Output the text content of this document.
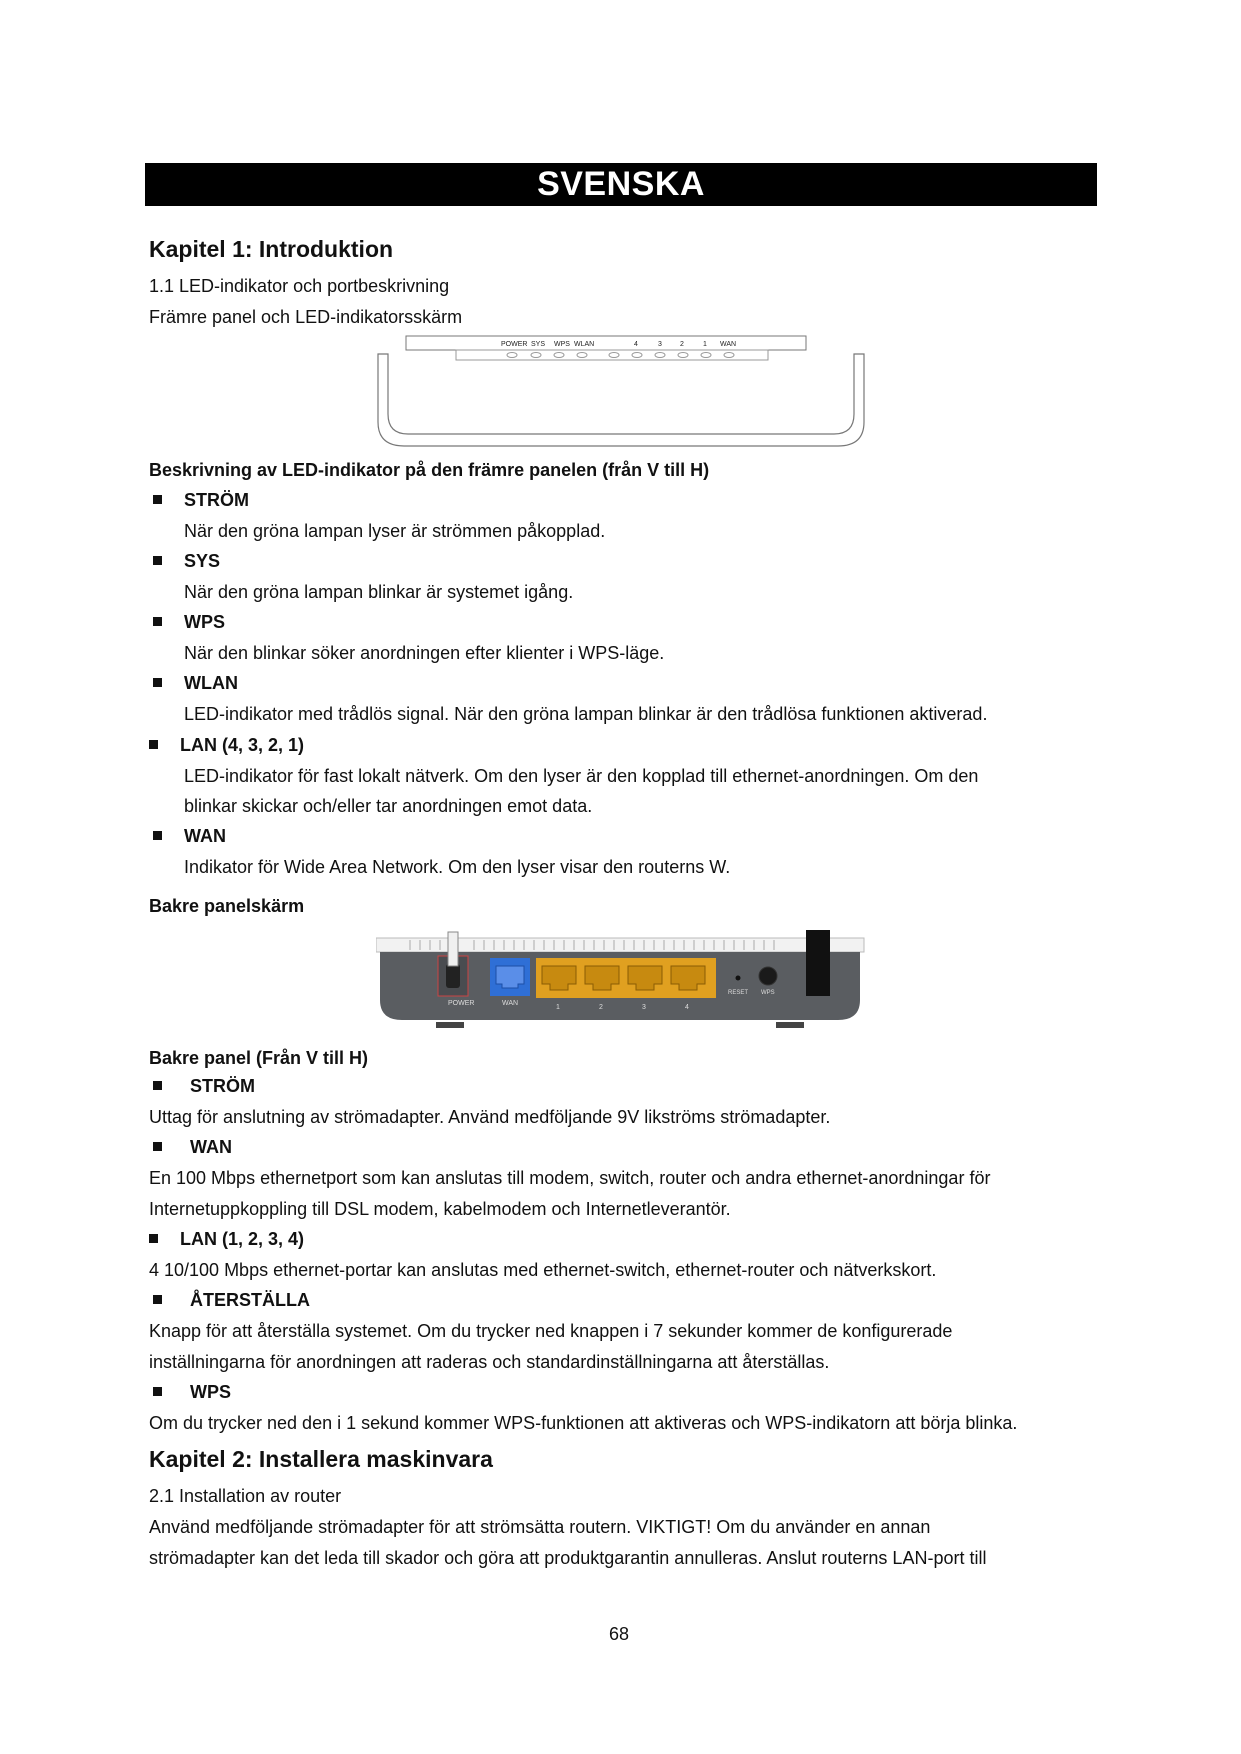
SVENSKA
Kapitel 1: Introduktion
1.1 LED-indikator och portbeskrivning
Främre panel och LED-indikatorsskärm
POWER SYS WPS WLAN	4	3	2	1 WAN
Beskrivning av LED-indikator på den främre panelen (från V till H)
STRÖM
När den gröna lampan lyser är strömmen påkopplad.
SYS
När den gröna lampan blinkar är systemet igång.
WPS
När den blinkar söker anordningen efter klienter i WPS-läge.
WLAN
LED-indikator med trådlös signal. När den gröna lampan blinkar är den trådlösa funktionen aktiverad.
LAN (4, 3, 2, 1)
LED-indikator för fast lokalt nätverk. Om den lyser är den kopplad till ethernet-anordningen. Om den
blinkar skickar och/eller tar anordningen emot data.
WAN
Indikator för Wide Area Network. Om den lyser visar den routerns W.
Bakre panelskärm
POWER	WAN
1	2	3	4
RESET WPS
Bakre panel (Från V till H)
STRÖM
Uttag för anslutning av strömadapter. Använd medföljande 9V likströms strömadapter.
WAN
En 100 Mbps ethernetport som kan anslutas till modem, switch, router och andra ethernet-anordningar för
Internetuppkoppling till DSL modem, kabelmodem och Internetleverantör.
LAN (1, 2, 3, 4)
4 10/100 Mbps ethernet-portar kan anslutas med ethernet-switch, ethernet-router och nätverkskort.
ÅTERSTÄLLA
Knapp för att återställa systemet. Om du trycker ned knappen i 7 sekunder kommer de konfigurerade
inställningarna för anordningen att raderas och standardinställningarna att återställas.
WPS
Om du trycker ned den i 1 sekund kommer WPS-funktionen att aktiveras och WPS-indikatorn att börja blinka.
Kapitel 2: Installera maskinvara
2.1 Installation av router
Använd medföljande strömadapter för att strömsätta routern. VIKTIGT! Om du använder en annan
strömadapter kan det leda till skador och göra att produktgarantin annulleras. Anslut routerns LAN-port till
68
